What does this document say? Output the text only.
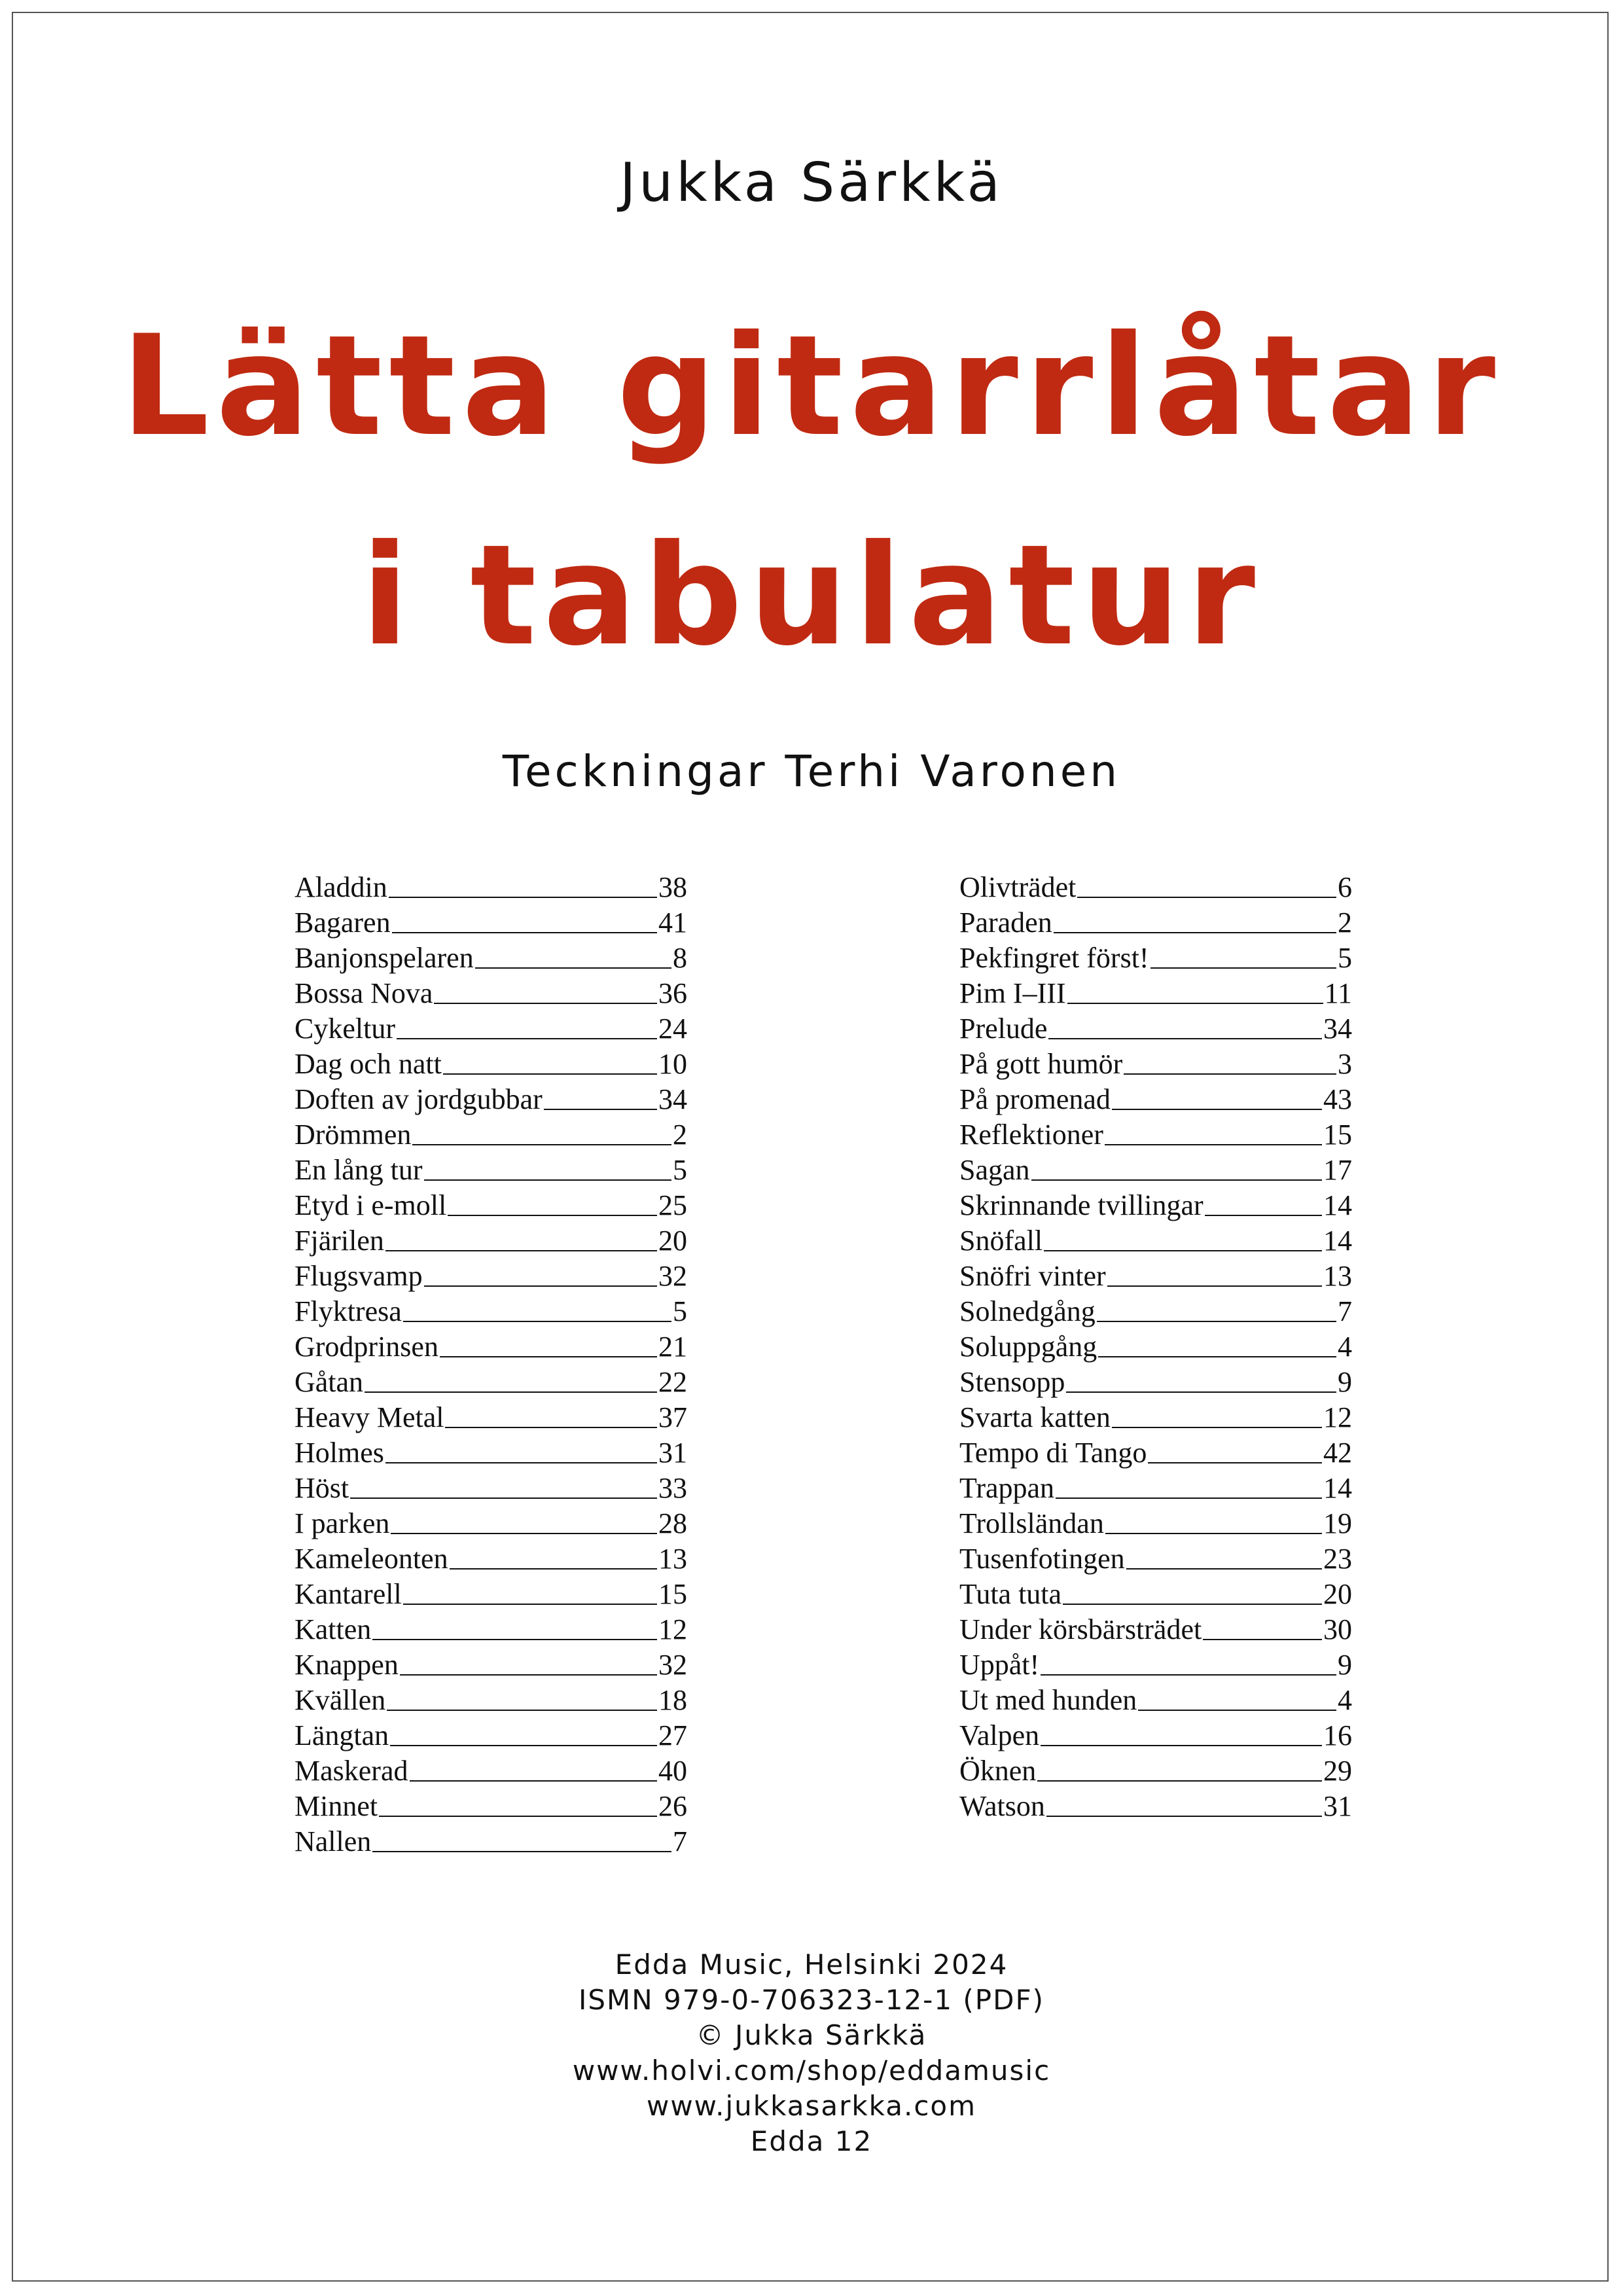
Jukka Särkkä
Lätta gitarrlåtar
i tabulatur
Teckningar Terhi Varonen
Aladdin	38
Bagaren	41
Banjonspelaren	8
Bossa Nova	36
Cykeltur	24
Dag och natt	10
Doften av jordgubbar	34
Drömmen	2
En lång tur	5
Etyd i e-moll	25
Fjärilen	20
Flugsvamp	32
Flyktresa	5
Grodprinsen	21
Gåtan	22
Heavy Metal	37
Holmes	31
Höst	33
I parken	28
Kameleonten	13
Kantarell	15
Katten	12
Knappen	32
Kvällen	18
Längtan	27
Maskerad	40
Minnet	26
Nallen	7
Olivträdet	6
Paraden	2
Pekfingret först!	5
Pim I–III	11
Prelude	34
På gott humör	3
På promenad	43
Reflektioner	15
Sagan	17
Skrinnande tvillingar	14
Snöfall	14
Snöfri vinter	13
Solnedgång	7
Soluppgång	4
Stensopp	9
Svarta katten	12
Tempo di Tango	42
Trappan	14
Trollsländan	19
Tusenfotingen	23
Tuta tuta	20
Under körsbärsträdet	30
Uppåt!	9
Ut med hunden	4
Valpen	16
Öknen	29
Watson	31
Edda Music, Helsinki 2024
ISMN 979-0-706323-12-1 (PDF)
© Jukka Särkkä
www.holvi.com/shop/eddamusic
www.jukkasarkka.com
Edda 12
